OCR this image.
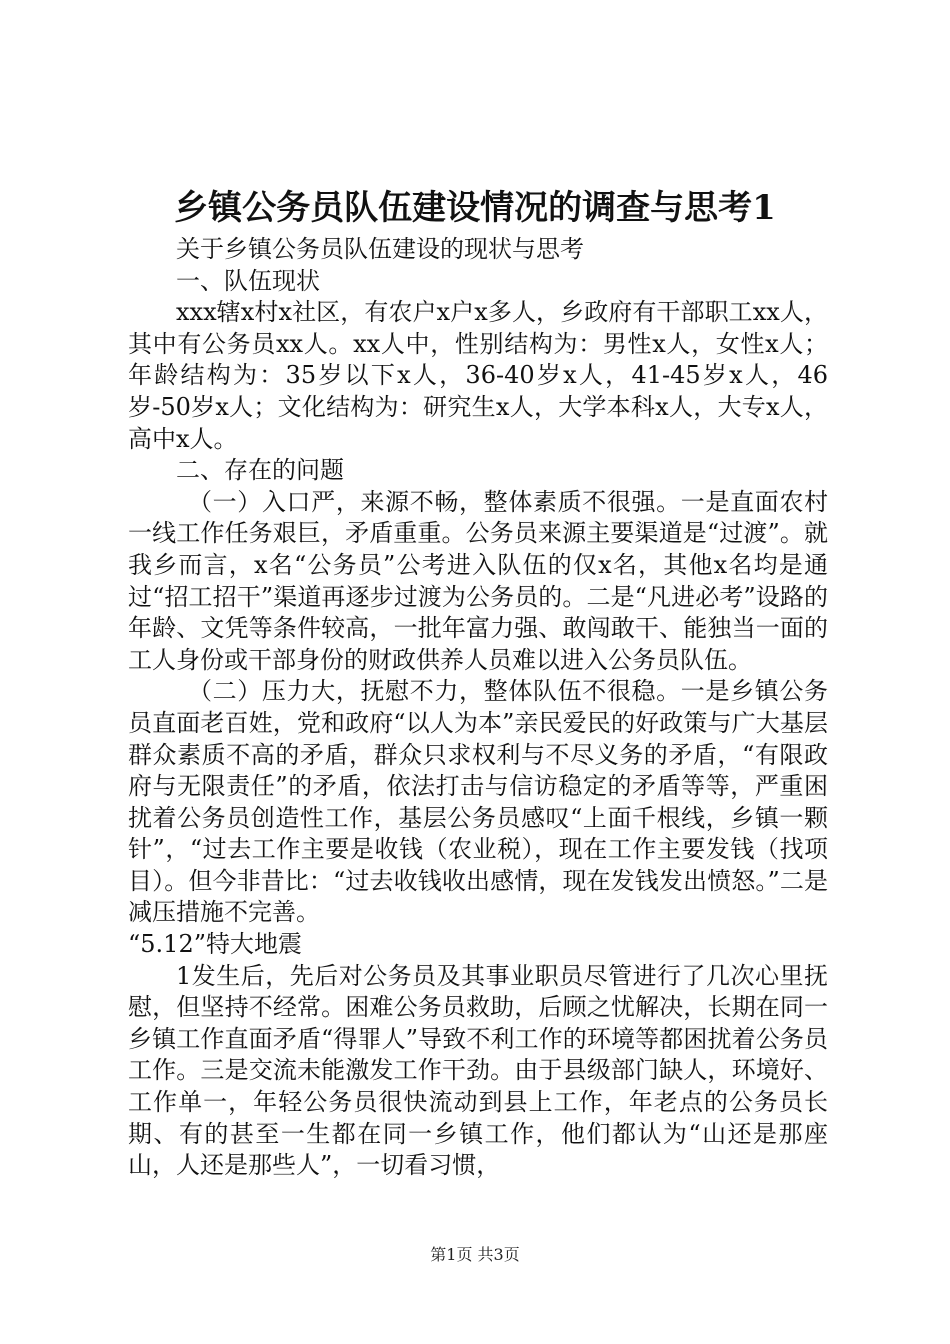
乡镇公务员队伍建设情况的调查与思考1

关于乡镇公务员队伍建设的现状与思考

一、队伍现状

xxx辖x村x社区，有农户x户x多人，乡政府有干部职工xx人，其中有公务员xx人。xx人中，性别结构为：男性x人，女性x人；年龄结构为：35岁以下x人，36-40岁x人，41-45岁x人，46岁-50岁x人；文化结构为：研究生x人，大学本科x人，大专x人，高中x人。

二、存在的问题

（一）入口严，来源不畅，整体素质不很强。一是直面农村一线工作任务艰巨，矛盾重重。公务员来源主要渠道是“过渡”。就我乡而言，x名“公务员”公考进入队伍的仅x名，其他x名均是通过“招工招干”渠道再逐步过渡为公务员的。二是“凡进必考”设路的年龄、文凭等条件较高，一批年富力强、敢闯敢干、能独当一面的工人身份或干部身份的财政供养人员难以进入公务员队伍。

（二）压力大，抚慰不力，整体队伍不很稳。一是乡镇公务员直面老百姓，党和政府“以人为本”亲民爱民的好政策与广大基层群众素质不高的矛盾，群众只求权利与不尽义务的矛盾，“有限政府与无限责任”的矛盾，依法打击与信访稳定的矛盾等等，严重困扰着公务员创造性工作，基层公务员感叹“上面千根线，乡镇一颗针”，“过去工作主要是收钱（农业税），现在工作主要发钱（找项目）。但今非昔比：“过去收钱收出感情，现在发钱发出愤怒。”二是减压措施不完善。

“5.12”特大地震

1发生后，先后对公务员及其事业职员尽管进行了几次心里抚慰，但坚持不经常。困难公务员救助，后顾之忧解决，长期在同一乡镇工作直面矛盾“得罪人”导致不利工作的环境等都困扰着公务员工作。三是交流未能激发工作干劲。由于县级部门缺人，环境好、工作单一，年轻公务员很快流动到县上工作，年老点的公务员长期、有的甚至一生都在同一乡镇工作，他们都认为“山还是那座山，人还是那些人”，一切看习惯，

第1页 共3页
